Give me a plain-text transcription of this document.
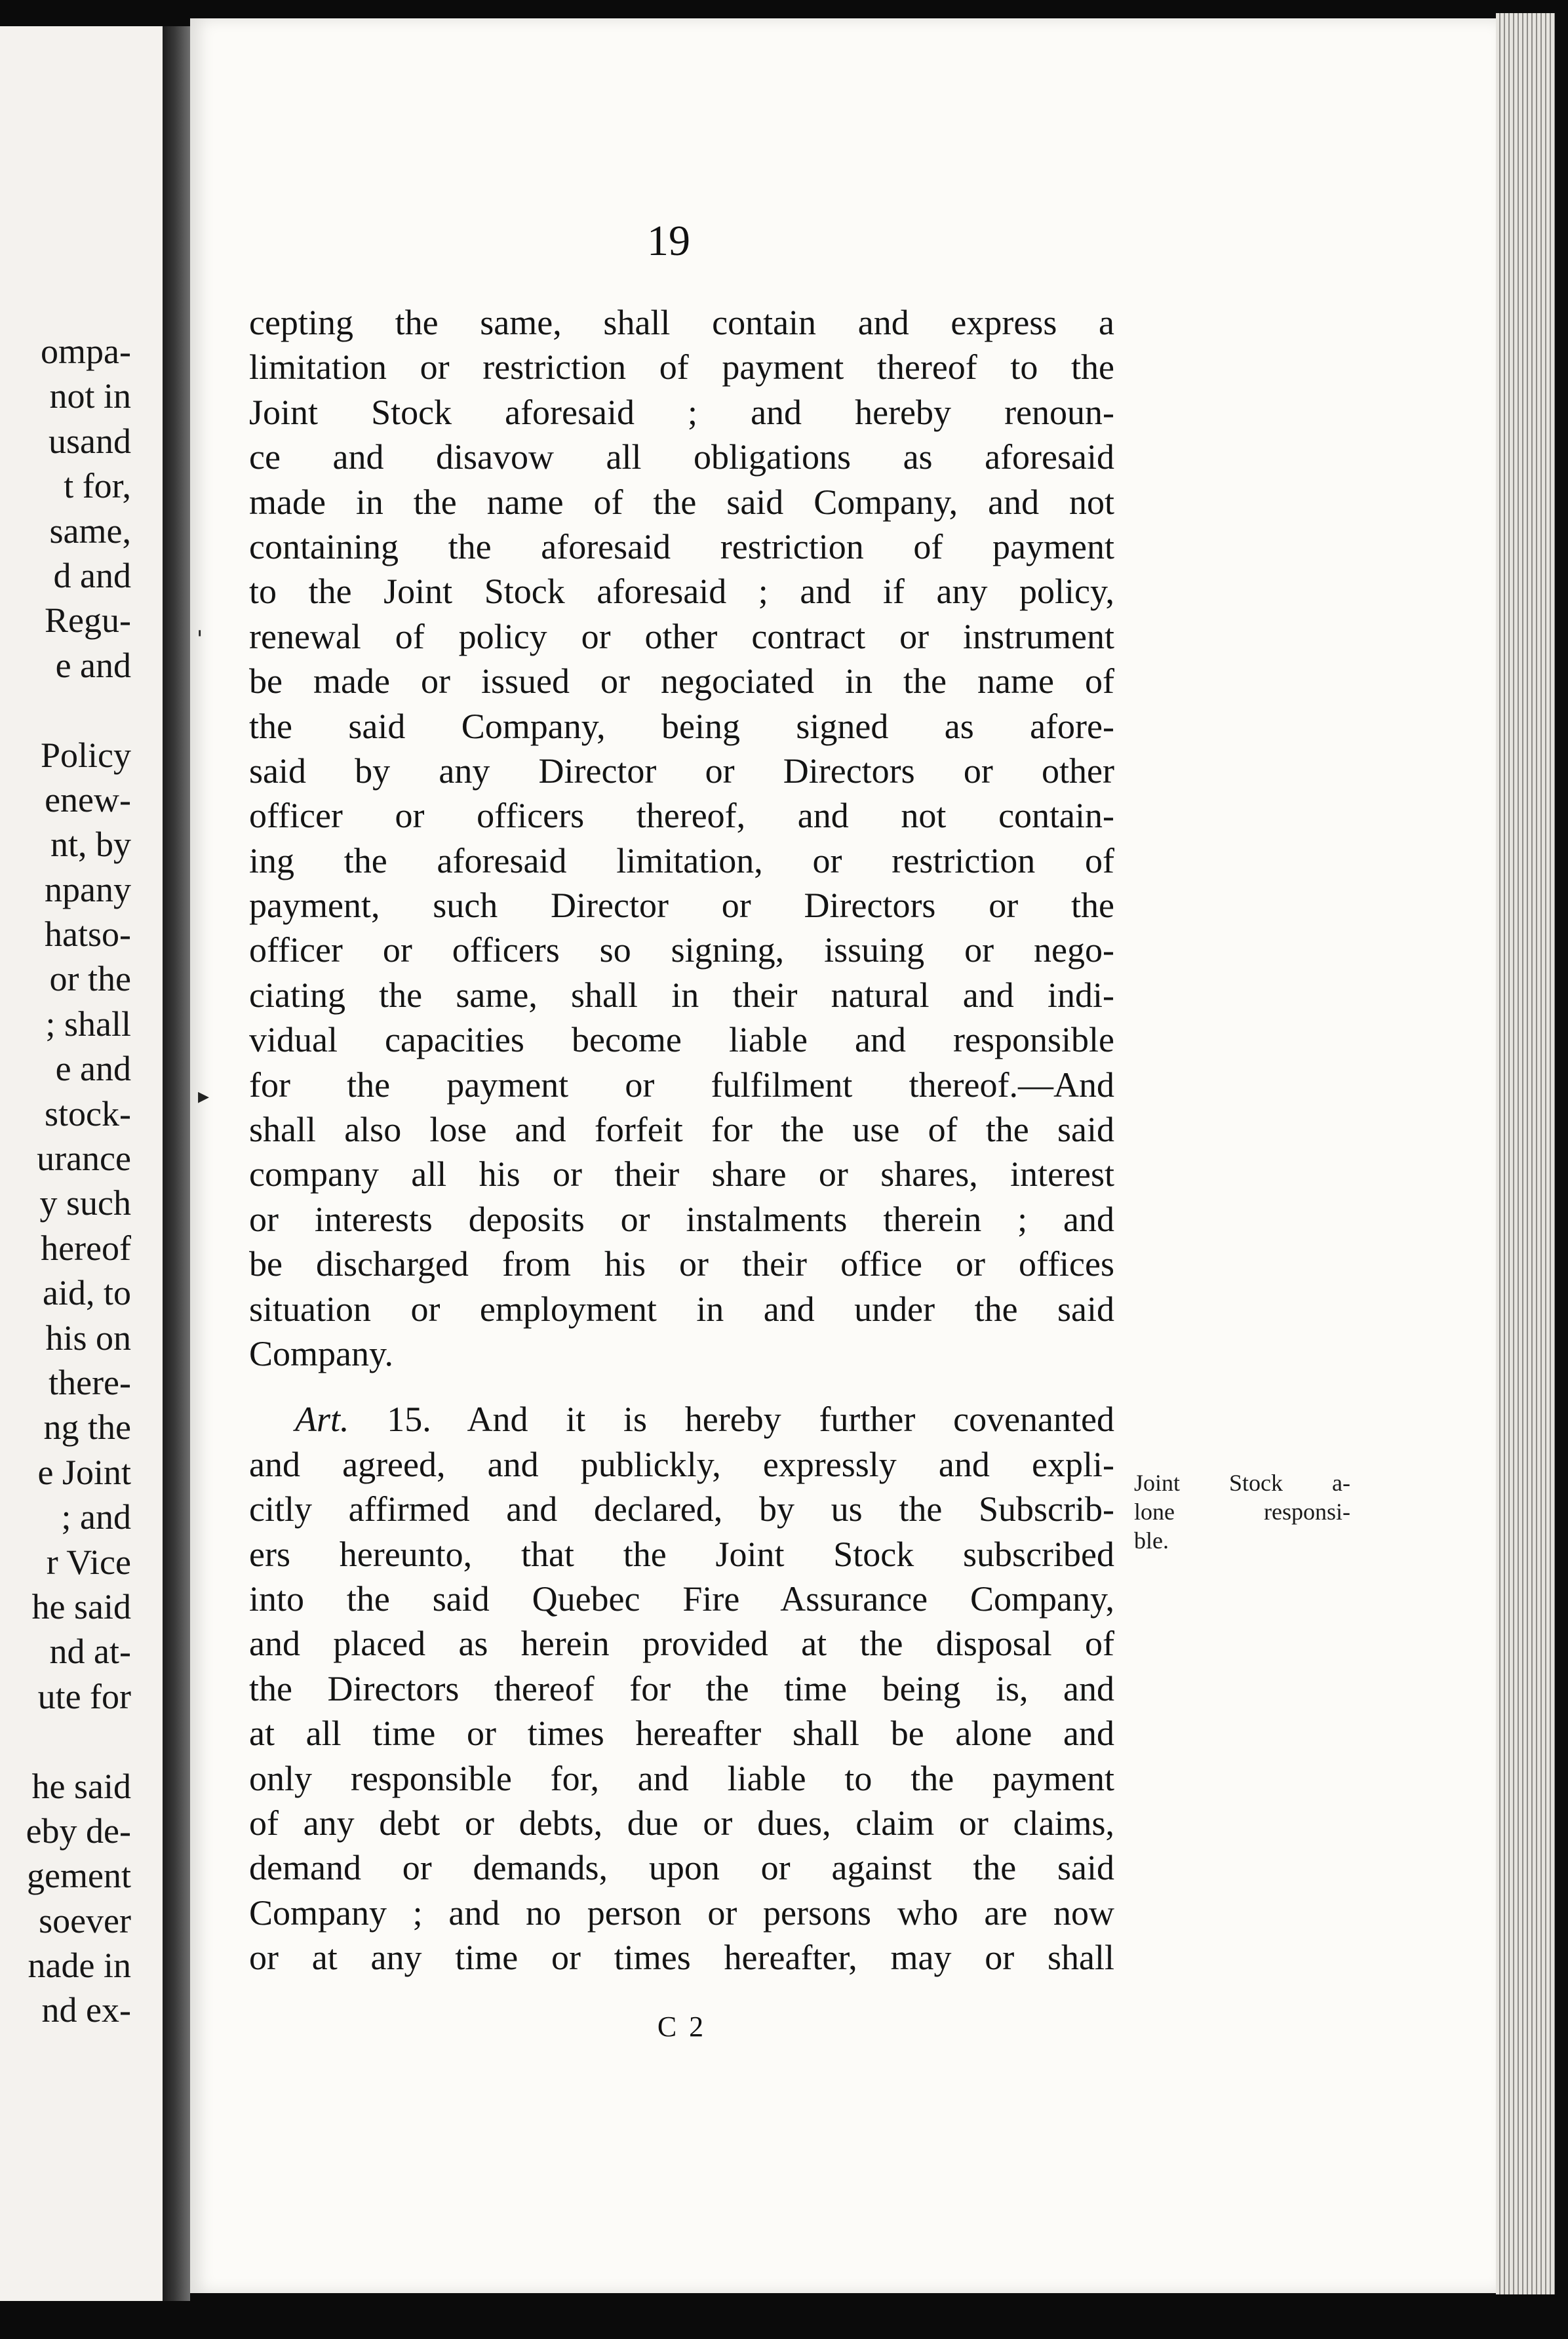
ompa-
not in
usand
t for,
same,
d and
Regu-
e and
Policy
enew-
nt, by
npany
hatso-
or the
; shall
e and
stock-
urance
y such
hereof
aid, to
his on
there-
ng the
e Joint
; and
r Vice
he said
nd at-
ute for
he said
eby de-
gement
soever
nade in
nd ex-

19

cepting the same, shall contain and express a
limitation or restriction of payment thereof to the
Joint Stock aforesaid ; and hereby renoun-
ce and disavow all obligations as aforesaid
made in the name of the said Company, and not
containing the aforesaid restriction of payment
to the Joint Stock aforesaid ; and if any policy,
renewal of policy or other contract or instrument
be made or issued or negociated in the name of
the said Company, being signed as afore-
said by any Director or Directors or other
officer or officers thereof, and not contain-
ing the aforesaid limitation, or restriction of
payment, such Director or Directors or the
officer or officers so signing, issuing or nego-
ciating the same, shall in their natural and indi-
vidual capacities become liable and responsible
for the payment or fulfilment thereof.—And
shall also lose and forfeit for the use of the said
company all his or their share or shares, interest
or interests deposits or instalments therein ; and
be discharged from his or their office or offices
situation or employment in and under the said
Company.
Art. 15. And it is hereby further covenanted
and agreed, and publickly, expressly and expli-
citly affirmed and declared, by us the Subscrib-
ers hereunto, that the Joint Stock subscribed
into the said Quebec Fire Assurance Company,
and placed as herein provided at the disposal of
the Directors thereof for the time being is, and
at all time or times hereafter shall be alone and
only responsible for, and liable to the payment
of any debt or debts, due or dues, claim or claims,
demand or demands, upon or against the said
Company ; and no person or persons who are now
or at any time or times hereafter, may or shall
Joint Stock a-
lone responsi-
ble.

C 2

'
▸
